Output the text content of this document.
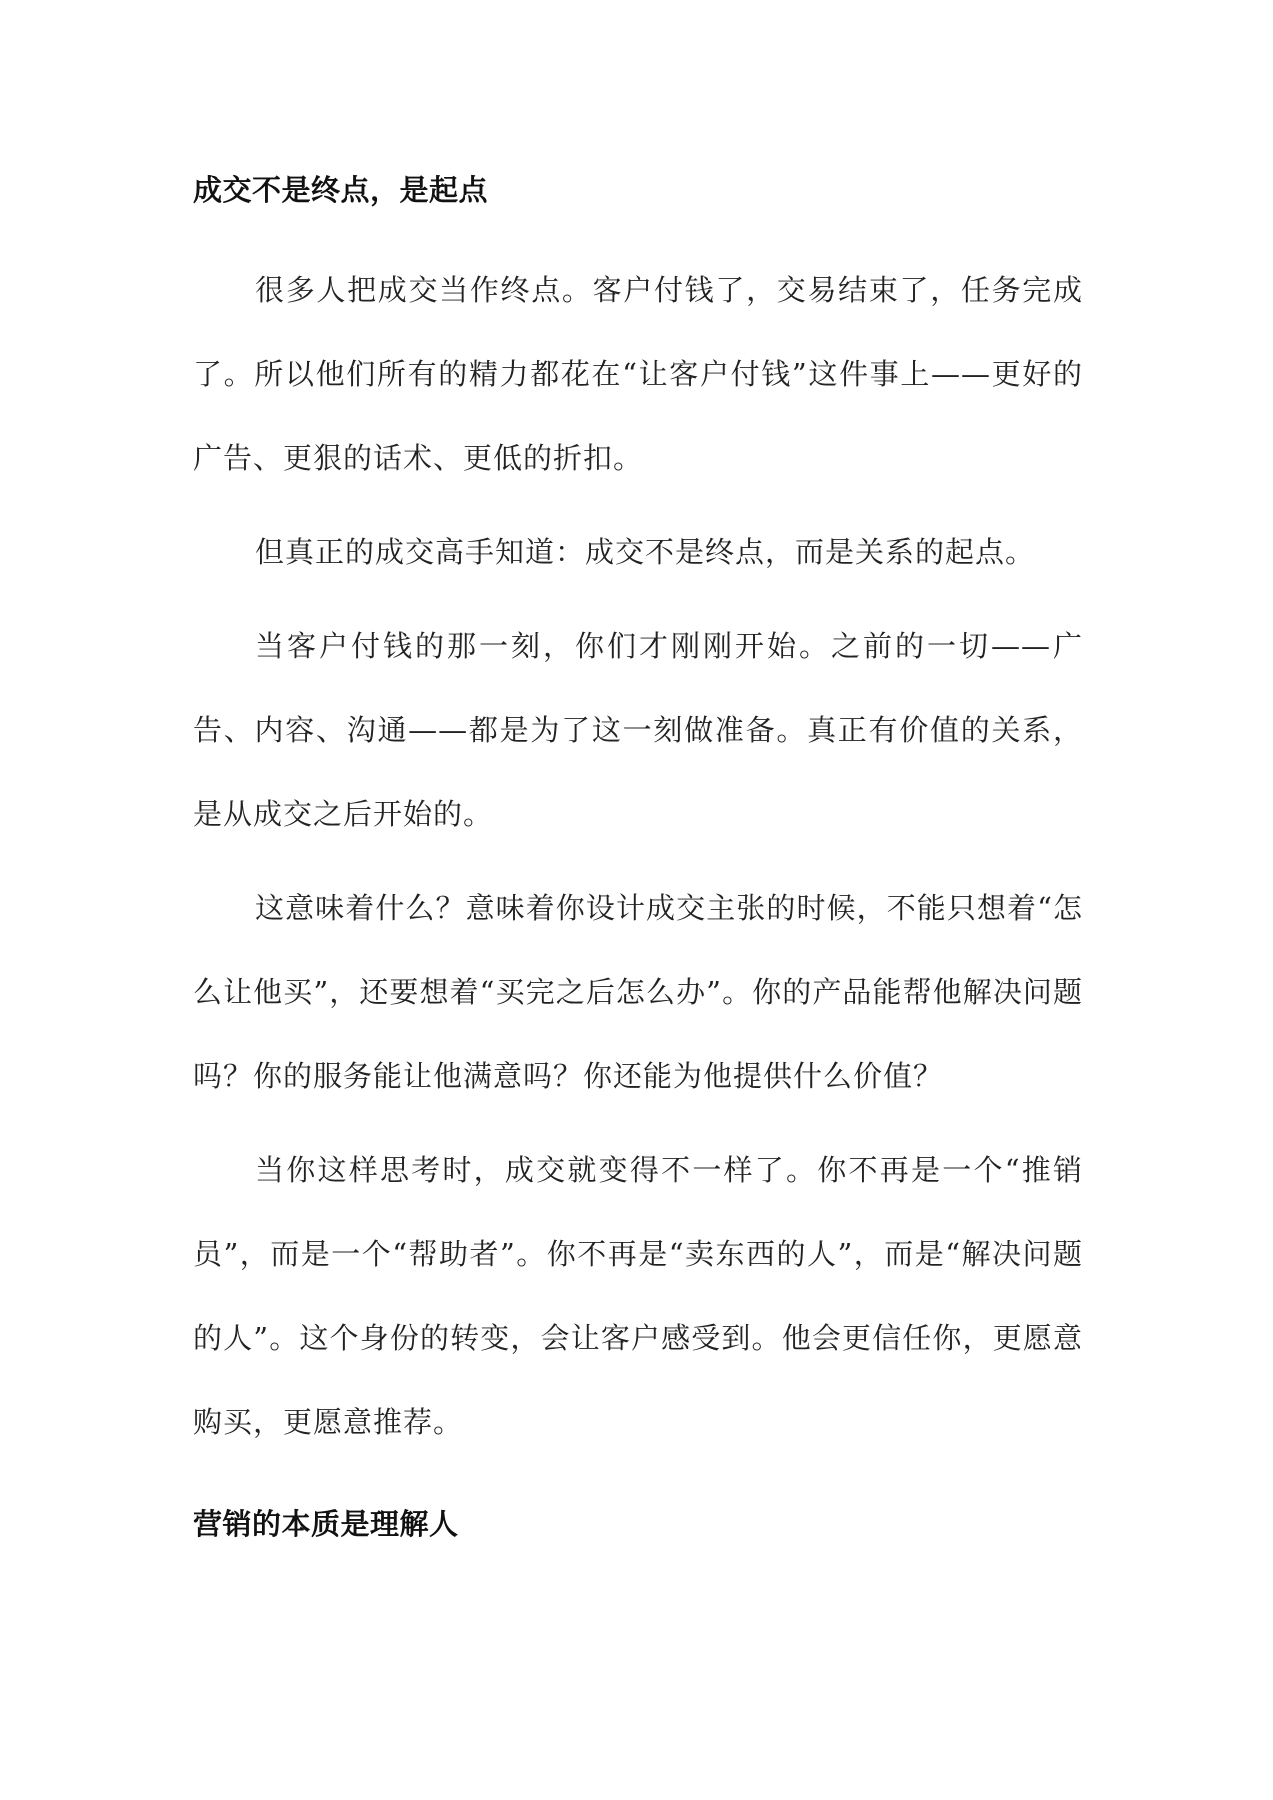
成交不是终点，是起点

很多人把成交当作终点。客户付钱了，交易结束了，任务完成了。所以他们所有的精力都花在“让客户付钱”这件事上——更好的广告、更狠的话术、更低的折扣。

但真正的成交高手知道：成交不是终点，而是关系的起点。

当客户付钱的那一刻，你们才刚刚开始。之前的一切——广告、内容、沟通——都是为了这一刻做准备。真正有价值的关系，是从成交之后开始的。

这意味着什么？意味着你设计成交主张的时候，不能只想着“怎么让他买”，还要想着“买完之后怎么办”。你的产品能帮他解决问题吗？你的服务能让他满意吗？你还能为他提供什么价值？

当你这样思考时，成交就变得不一样了。你不再是一个“推销员”，而是一个“帮助者”。你不再是“卖东西的人”，而是“解决问题的人”。这个身份的转变，会让客户感受到。他会更信任你，更愿意购买，更愿意推荐。

营销的本质是理解人
